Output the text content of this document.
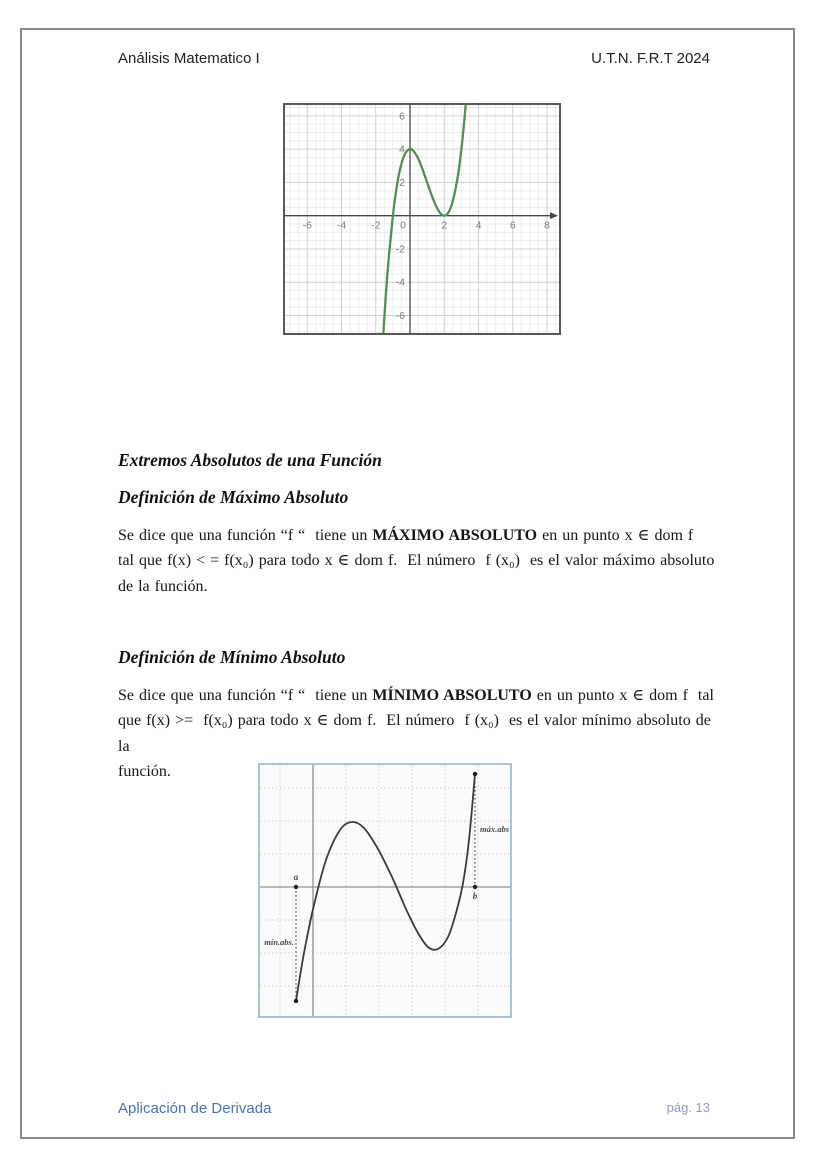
Análisis Matematico I	U.T.N. F.R.T 2024
-6 -4 -2 0	2	4	6	8
6
4
2
-2
-4
-6
Extremos Absolutos de una Función
Definición de Máximo Absoluto
Se dice que una función “f “  tiene un MÁXIMO ABSOLUTO en un punto x ∈ dom f
tal que f(x) < = f(x₀) para todo x ∈ dom f.  El número  f (x₀)  es el valor máximo absoluto
de la función.
Definición de Mínimo Absoluto
Se dice que una función “f “  tiene un MÍNIMO ABSOLUTO en un punto x ∈ dom f  tal
que f(x) >=  f(x₀) para todo x ∈ dom f.  El número  f (x₀)  es el valor mínimo absoluto de la
función.
a
b
mín.abs.
máx.abs
Aplicación de Derivada	pág. 13
